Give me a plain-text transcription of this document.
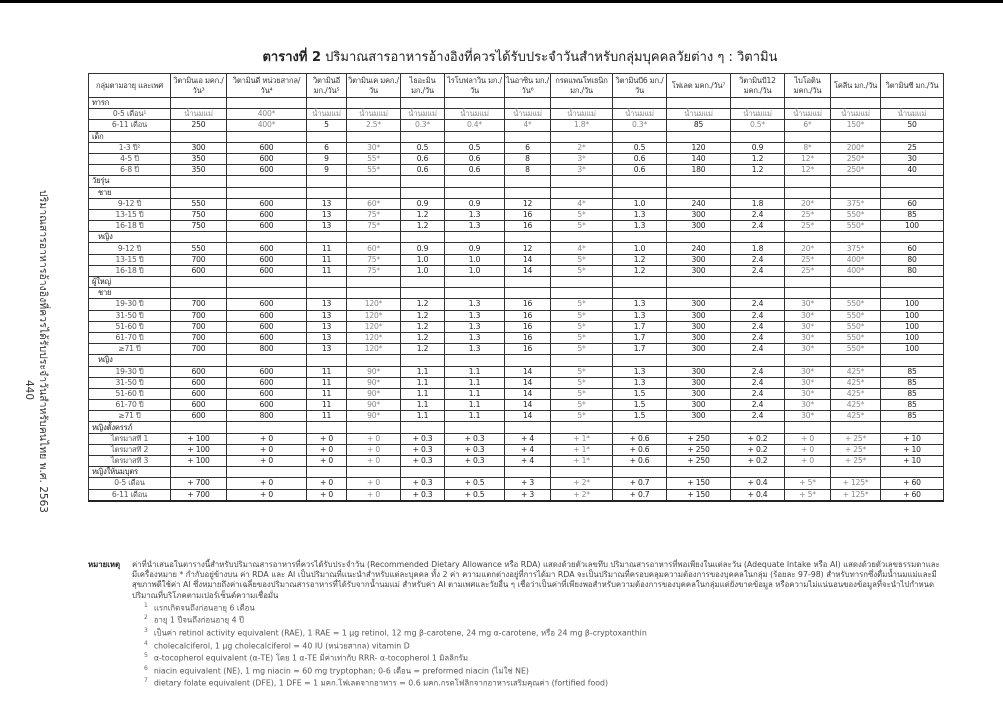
ตารางที่ 2 ปริมาณสารอาหารอ้างอิงที่ควรได้รับประจำวันสำหรับกลุ่มบุคคลวัยต่าง ๆ : วิตามิน
ปริมาณสารอาหารอ้างอิงที่ควรได้รับประจำวันสำหรับคนไทย พ.ศ. 2563
440
กลุ่มตามอายุ และเพศ	วิตามินเอ มคก./วัน³	วิตามินดี หน่วยสากล/วัน⁴	วิตามินอี มก./วัน⁵	วิตามินเค มคก./วัน	ไธอะมิน มก./วัน	ไรโบฟลาวิน มก./วัน	ไนอาซิน มก./วัน⁶	กรดแพนโทเธนิก มก./วัน	วิตามินบี6 มก./วัน	โฟเลต มคก./วัน⁷	วิตามินบี12 มคก./วัน	ไบโอติน มคก./วัน	โคลีน มก./วัน	วิตามินซี มก./วัน
ทารก														
0-5 เดือน¹	น้ำนมแม่	400*	น้ำนมแม่	น้ำนมแม่	น้ำนมแม่	น้ำนมแม่	น้ำนมแม่	น้ำนมแม่	น้ำนมแม่	น้ำนมแม่	น้ำนมแม่	น้ำนมแม่	น้ำนมแม่	น้ำนมแม่
6-11 เดือน	250	400*	5	2.5*	0.3*	0.4*	4*	1.8*	0.3*	85	0.5*	6*	150*	50
เด็ก														
1-3 ปี²	300	600	6	30*	0.5	0.5	6	2*	0.5	120	0.9	8*	200*	25
4-5 ปี	350	600	9	55*	0.6	0.6	8	3*	0.6	140	1.2	12*	250*	30
6-8 ปี	350	600	9	55*	0.6	0.6	8	3*	0.6	180	1.2	12*	250*	40
วัยรุ่น														
ชาย														
9-12 ปี	550	600	13	60*	0.9	0.9	12	4*	1.0	240	1.8	20*	375*	60
13-15 ปี	750	600	13	75*	1.2	1.3	16	5*	1.3	300	2.4	25*	550*	85
16-18 ปี	750	600	13	75*	1.2	1.3	16	5*	1.3	300	2.4	25*	550*	100
หญิง														
9-12 ปี	550	600	11	60*	0.9	0.9	12	4*	1.0	240	1.8	20*	375*	60
13-15 ปี	700	600	11	75*	1.0	1.0	14	5*	1.2	300	2.4	25*	400*	80
16-18 ปี	600	600	11	75*	1.0	1.0	14	5*	1.2	300	2.4	25*	400*	80
ผู้ใหญ่														
ชาย														
19-30 ปี	700	600	13	120*	1.2	1.3	16	5*	1.3	300	2.4	30*	550*	100
31-50 ปี	700	600	13	120*	1.2	1.3	16	5*	1.3	300	2.4	30*	550*	100
51-60 ปี	700	600	13	120*	1.2	1.3	16	5*	1.7	300	2.4	30*	550*	100
61-70 ปี	700	600	13	120*	1.2	1.3	16	5*	1.7	300	2.4	30*	550*	100
≥71 ปี	700	800	13	120*	1.2	1.3	16	5*	1.7	300	2.4	30*	550*	100
หญิง														
19-30 ปี	600	600	11	90*	1.1	1.1	14	5*	1.3	300	2.4	30*	425*	85
31-50 ปี	600	600	11	90*	1.1	1.1	14	5*	1.3	300	2.4	30*	425*	85
51-60 ปี	600	600	11	90*	1.1	1.1	14	5*	1.5	300	2.4	30*	425*	85
61-70 ปี	600	600	11	90*	1.1	1.1	14	5*	1.5	300	2.4	30*	425*	85
≥71 ปี	600	800	11	90*	1.1	1.1	14	5*	1.5	300	2.4	30*	425*	85
หญิงตั้งครรภ์														
ไตรมาสที่ 1	+ 100	+ 0	+ 0	+ 0	+ 0.3	+ 0.3	+ 4	+ 1*	+ 0.6	+ 250	+ 0.2	+ 0	+ 25*	+ 10
ไตรมาสที่ 2	+ 100	+ 0	+ 0	+ 0	+ 0.3	+ 0.3	+ 4	+ 1*	+ 0.6	+ 250	+ 0.2	+ 0	+ 25*	+ 10
ไตรมาสที่ 3	+ 100	+ 0	+ 0	+ 0	+ 0.3	+ 0.3	+ 4	+ 1*	+ 0.6	+ 250	+ 0.2	+ 0	+ 25*	+ 10
หญิงให้นมบุตร														
0-5 เดือน	+ 700	+ 0	+ 0	+ 0	+ 0.3	+ 0.5	+ 3	+ 2*	+ 0.7	+ 150	+ 0.4	+ 5*	+ 125*	+ 60
6-11 เดือน	+ 700	+ 0	+ 0	+ 0	+ 0.3	+ 0.5	+ 3	+ 2*	+ 0.7	+ 150	+ 0.4	+ 5*	+ 125*	+ 60
หมายเหตุ	ค่าที่นำเสนอในตารางนี้สำหรับปริมาณสารอาหารที่ควรได้รับประจำวัน (Recommended Dietary Allowance หรือ RDA) แสดงด้วยตัวเลขทึบ ปริมาณสารอาหารที่พอเพียงในแต่ละวัน (Adequate Intake หรือ AI) แสดงด้วยตัวเลขธรรมดาและมีเครื่องหมาย * กำกับอยู่ข้างบน ค่า RDA และ AI เป็นปริมาณที่แนะนำสำหรับแต่ละบุคคล ทั้ง 2 ค่า ความแตกต่างอยู่ที่การได้มา RDA จะเป็นปริมาณที่ครอบคลุมความต้องการของบุคคลในกลุ่ม (ร้อยละ 97-98) สำหรับทารกซึ่งดื่มน้ำนมแม่และมีสุขภาพดีใช้ค่า AI ซึ่งหมายถึงค่าเฉลี่ยของปริมาณสารอาหารที่ได้รับจากน้ำนมแม่ สำหรับค่า AI ตามเพศและวัยอื่น ๆ เชื่อว่าเป็นค่าที่เพียงพอสำหรับความต้องการของบุคคลในกลุ่มแต่ยังขาดข้อมูล หรือความไม่แน่นอนของข้อมูลที่จะนำไปกำหนดปริมาณที่บริโภคตามเปอร์เซ็นต์ความเชื่อมั่น
$^1$ แรกเกิดจนถึงก่อนอายุ 6 เดือน
$^2$ อายุ 1 ปีจนถึงก่อนอายุ 4 ปี
$^3$ เป็นค่า retinol activity equivalent (RAE), 1 RAE = 1 μg retinol, 12 mg β-carotene, 24 mg α-carotene, หรือ 24 mg β-cryptoxanthin
$^4$ cholecalciferol, 1 μg cholecalciferol = 40 IU (หน่วยสากล) vitamin D
$^5$ α-tocopherol equivalent (α-TE) โดย 1 α-TE มีค่าเท่ากับ RRR- α-tocopherol 1 มิลลิกรัม
$^6$ niacin equivalent (NE), 1 mg niacin = 60 mg tryptophan; 0-6 เดือน = preformed niacin (ไม่ใช่ NE)
$^7$ dietary folate equivalent (DFE), 1 DFE = 1 มคก.โฟเลตจากอาหาร = 0.6 มคก.กรดโฟลิกจากอาหารเสริมคุณค่า (fortified food)
